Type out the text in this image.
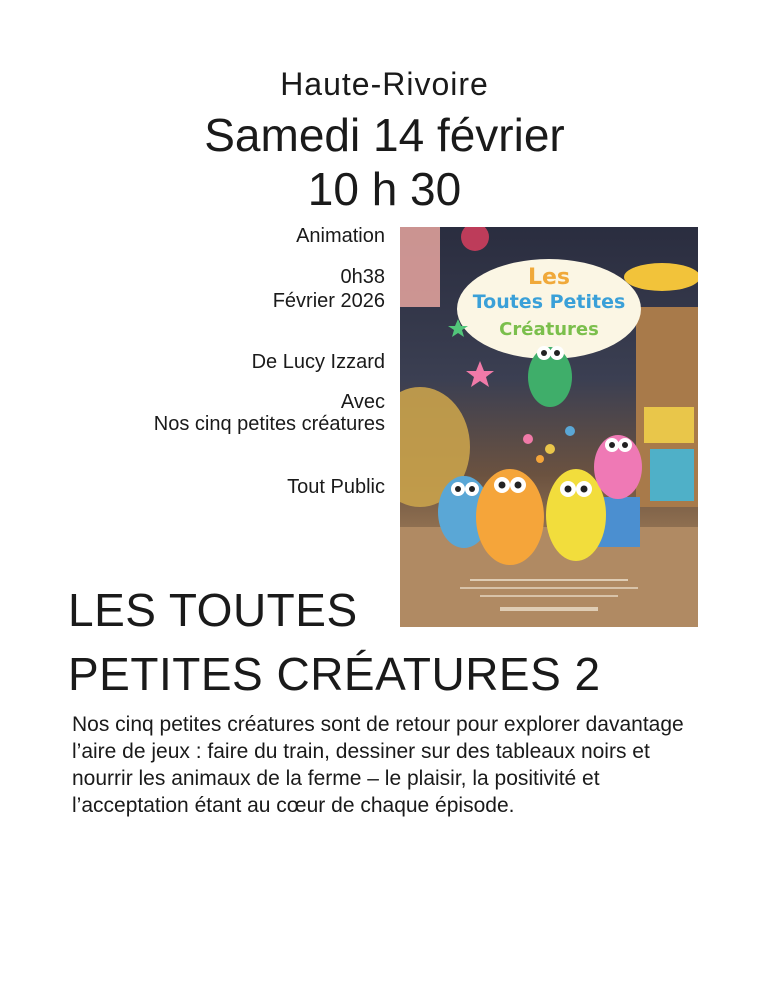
Haute-Rivoire
Samedi 14 février
10 h 30
Animation
0h38
Février 2026
De Lucy Izzard
Avec
Nos cinq petites créatures
Tout Public
Les
Toutes Petites
Créatures
LES TOUTES
PETITES CRÉATURES 2
Nos cinq petites créatures sont de retour pour explorer davantage l’aire de jeux : faire du train, dessiner sur des tableaux noirs et nourrir les animaux de la ferme – le plaisir, la positivité et l’acceptation étant au cœur de chaque épisode.
